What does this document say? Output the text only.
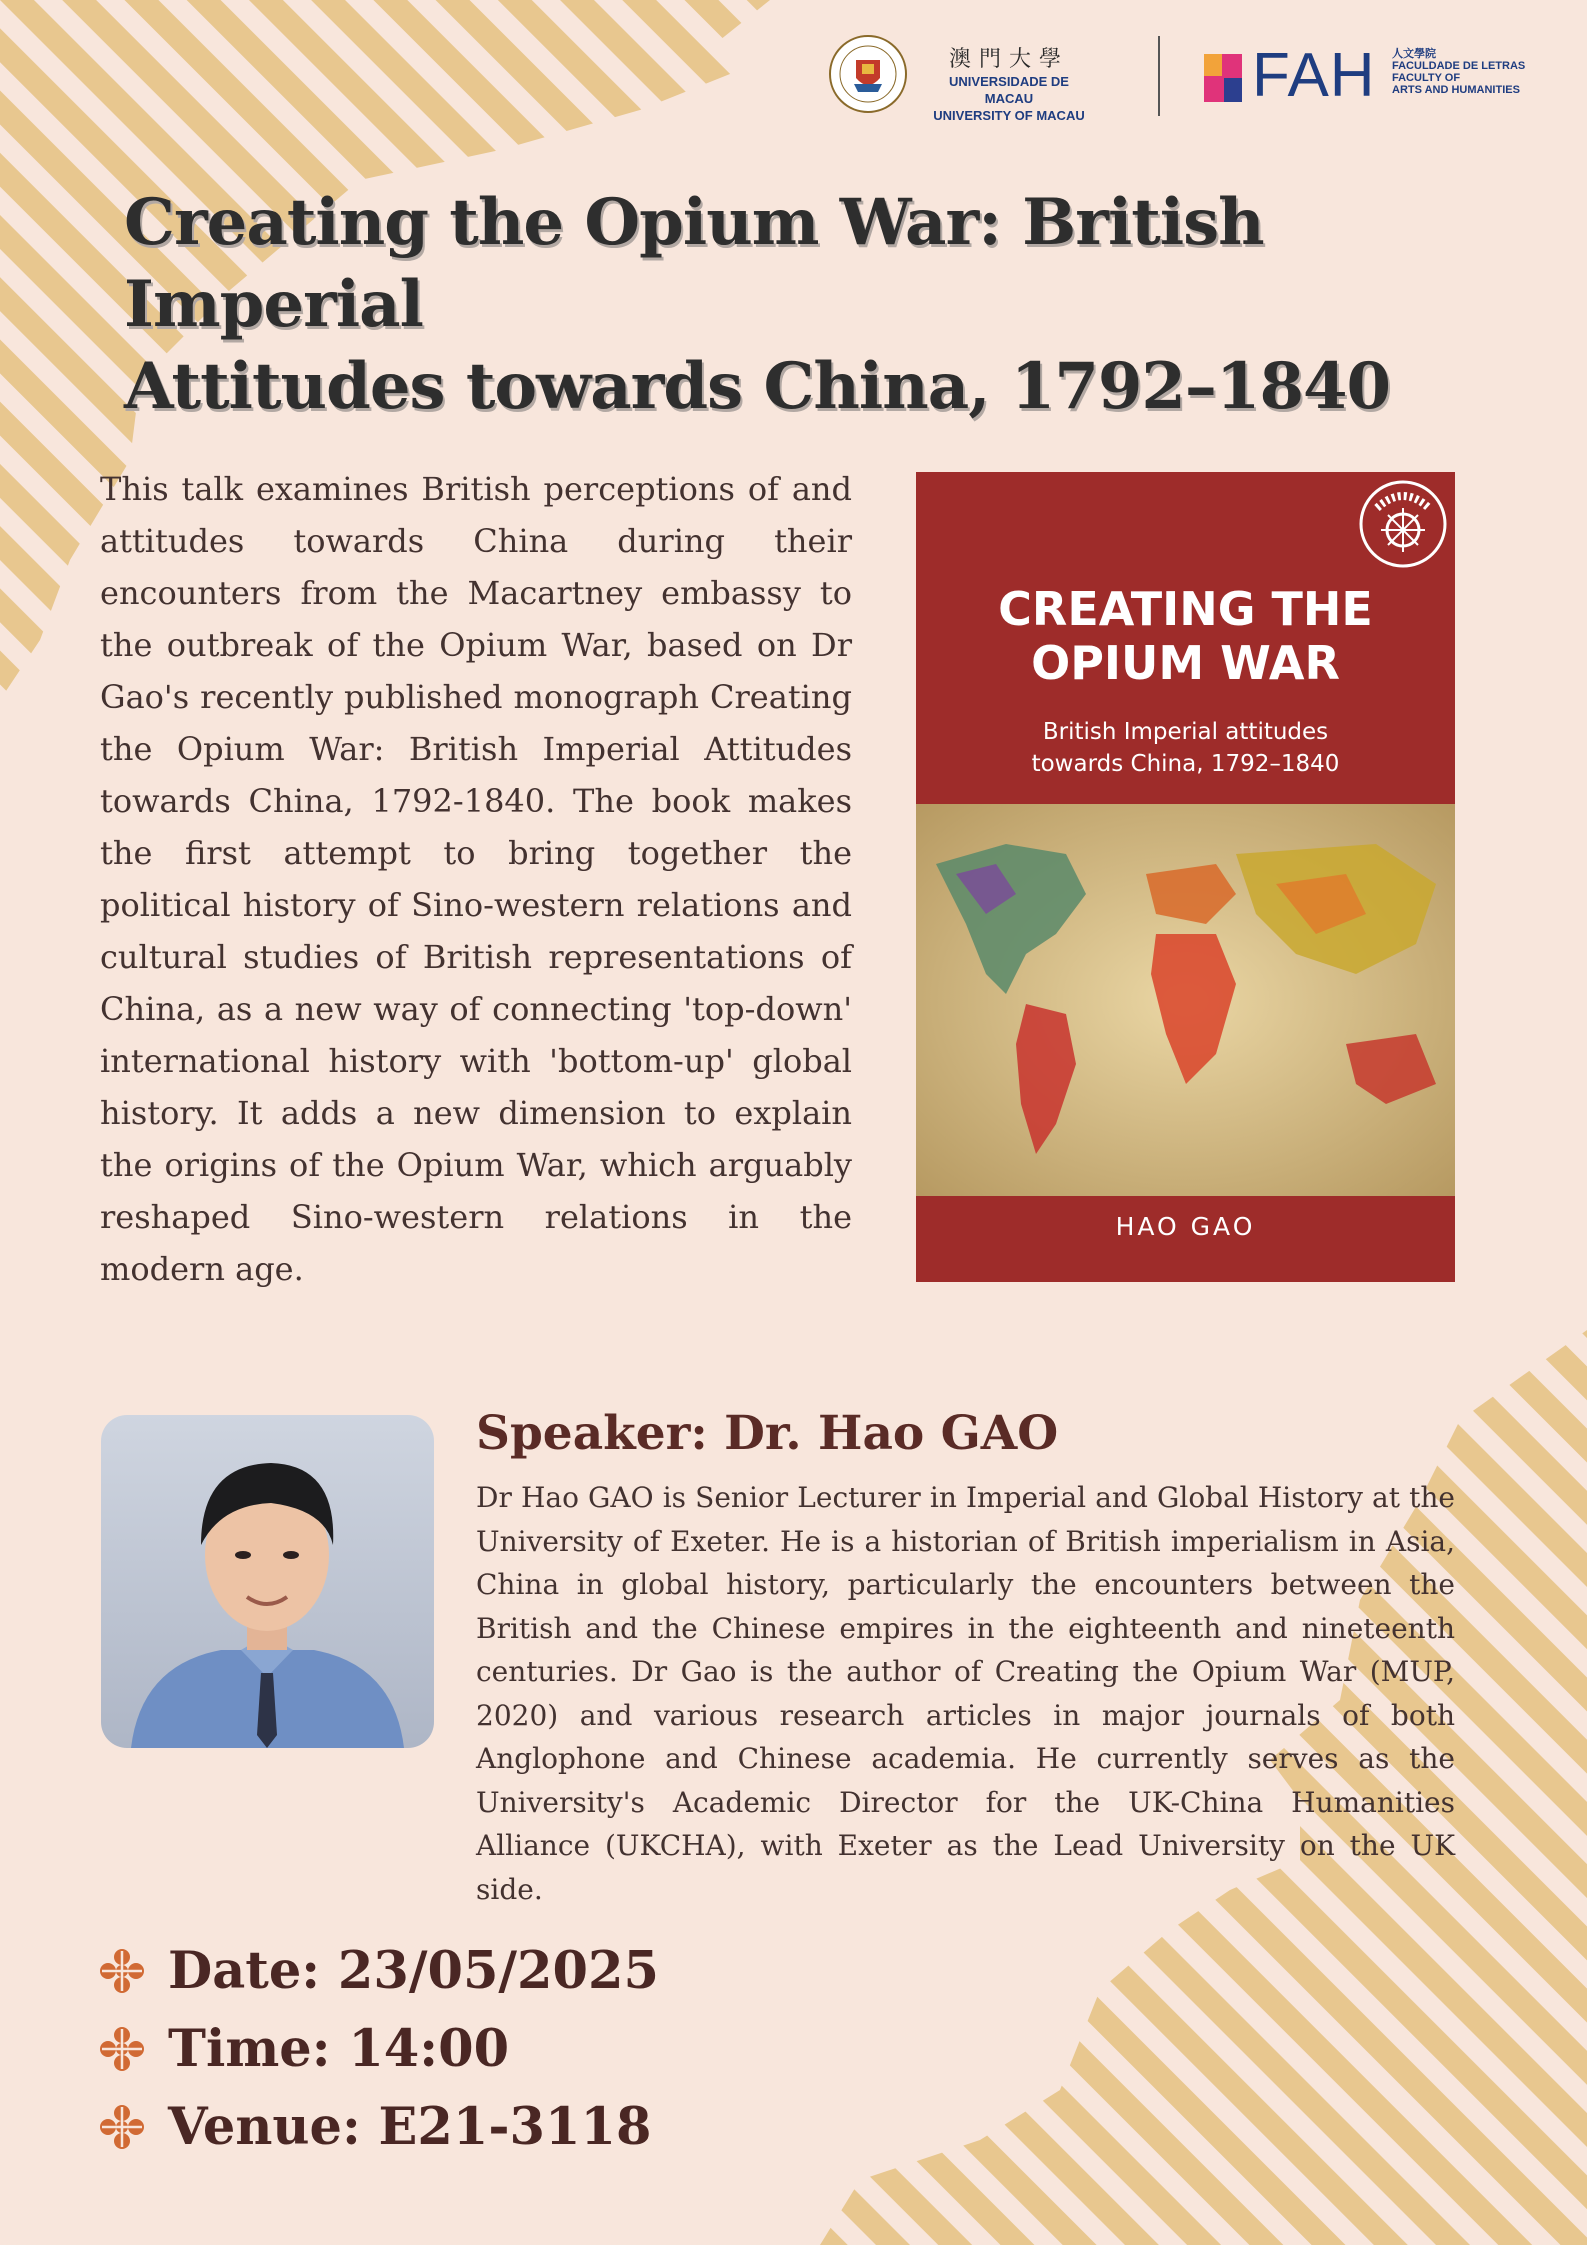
澳門大學
UNIVERSIDADE DE MACAU
UNIVERSITY OF MACAU
FAH 人文學院
FACULDADE DE LETRAS
FACULTY OF
ARTS AND HUMANITIES
Creating the Opium War: British Imperial
Attitudes towards China, 1792–1840

This talk examines British perceptions of and attitudes towards China during their encounters from the Macartney embassy to the outbreak of the Opium War, based on Dr Gao's recently published monograph Creating the Opium War: British Imperial Attitudes towards China, 1792-1840. The book makes the first attempt to bring together the political history of Sino-western relations and cultural studies of British representations of China, as a new way of connecting 'top-down' international history with 'bottom-up' global history. It adds a new dimension to explain the origins of the Opium War, which arguably reshaped Sino-western relations in the modern age.

CREATING THE
OPIUM WAR
British Imperial attitudes
towards China, 1792–1840
HAO GAO
Speaker: Dr. Hao GAO

Dr Hao GAO is Senior Lecturer in Imperial and Global History at the University of Exeter. He is a historian of British imperialism in Asia, China in global history, particularly the encounters between the British and the Chinese empires in the eighteenth and nineteenth centuries. Dr Gao is the author of Creating the Opium War (MUP, 2020) and various research articles in major journals of both Anglophone and Chinese academia. He currently serves as the University's Academic Director for the UK-China Humanities Alliance (UKCHA), with Exeter as the Lead University on the UK side.

Date: 23/05/2025
Time: 14:00
Venue: E21-3118
